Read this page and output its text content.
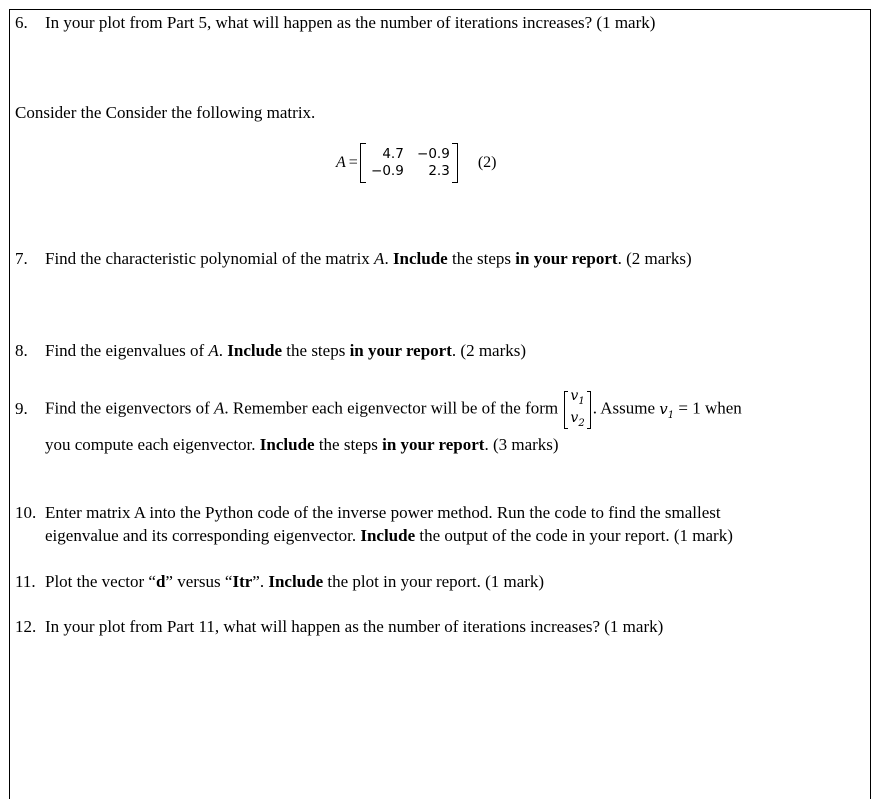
6. In your plot from Part 5, what will happen as the number of iterations increases? (1 mark)
Consider the Consider the following matrix.
A =	4.7 −0.9
−0.9	2.3 (2)
7. Find the characteristic polynomial of the matrix A. Include the steps in your report. (2 marks)
8. Find the eigenvalues of A. Include the steps in your report. (2 marks)
9. Find the eigenvectors of A. Remember each eigenvector will be of the form
$v_1$
$v_2$
. Assume $v_1 = 1$ when
you compute each eigenvector. Include the steps in your report. (3 marks)
10. Enter matrix A into the Python code of the inverse power method. Run the code to find the smallest
eigenvalue and its corresponding eigenvector. Include the output of the code in your report. (1 mark)
11. Plot the vector “d” versus “Itr”. Include the plot in your report. (1 mark)
12. In your plot from Part 11, what will happen as the number of iterations increases? (1 mark)
